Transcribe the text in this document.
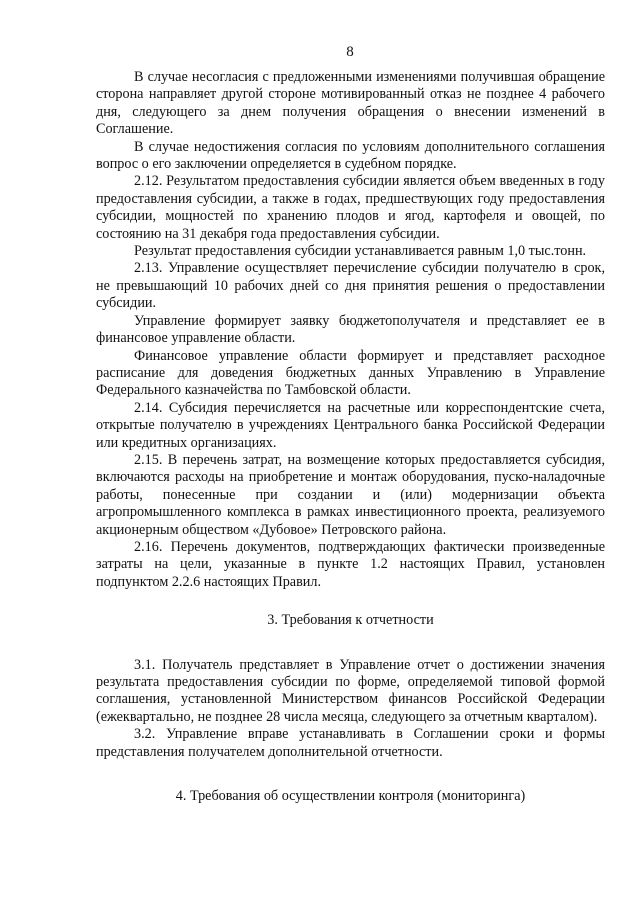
8

В случае несогласия с предложенными изменениями получившая обращение сторона направляет другой стороне мотивированный отказ не позднее 4 рабочего дня, следующего за днем получения обращения о внесении изменений в Соглашение.

В случае недостижения согласия по условиям дополнительного соглашения вопрос о его заключении определяется в судебном порядке.

2.12. Результатом предоставления субсидии является объем введенных в году предоставления субсидии, а также в годах, предшествующих году предоставления субсидии, мощностей по хранению плодов и ягод, картофеля и овощей, по состоянию на 31 декабря года предоставления субсидии.

Результат предоставления субсидии устанавливается равным 1,0 тыс.тонн.

2.13. Управление осуществляет перечисление субсидии получателю в срок, не превышающий 10 рабочих дней со дня принятия решения о предоставлении субсидии.

Управление формирует заявку бюджетополучателя и представляет ее в финансовое управление области.

Финансовое управление области формирует и представляет расходное расписание для доведения бюджетных данных Управлению в Управление Федерального казначейства по Тамбовской области.

2.14. Субсидия перечисляется на расчетные или корреспондентские счета, открытые получателю в учреждениях Центрального банка Российской Федерации или кредитных организациях.

2.15. В перечень затрат, на возмещение которых предоставляется субсидия, включаются расходы на приобретение и монтаж оборудования, пуско-наладочные работы, понесенные при создании и (или) модернизации объекта агропромышленного комплекса в рамках инвестиционного проекта, реализуемого акционерным обществом «Дубовое» Петровского района.

2.16. Перечень документов, подтверждающих фактически произведенные затраты на цели, указанные в пункте 1.2 настоящих Правил, установлен подпунктом 2.2.6 настоящих Правил.

3. Требования к отчетности

3.1. Получатель представляет в Управление отчет о достижении значения результата предоставления субсидии по форме, определяемой типовой формой соглашения, установленной Министерством финансов Российской Федерации (ежеквартально, не позднее 28 числа месяца, следующего за отчетным кварталом).

3.2. Управление вправе устанавливать в Соглашении сроки и формы представления получателем дополнительной отчетности.

4. Требования об осуществлении контроля (мониторинга)
